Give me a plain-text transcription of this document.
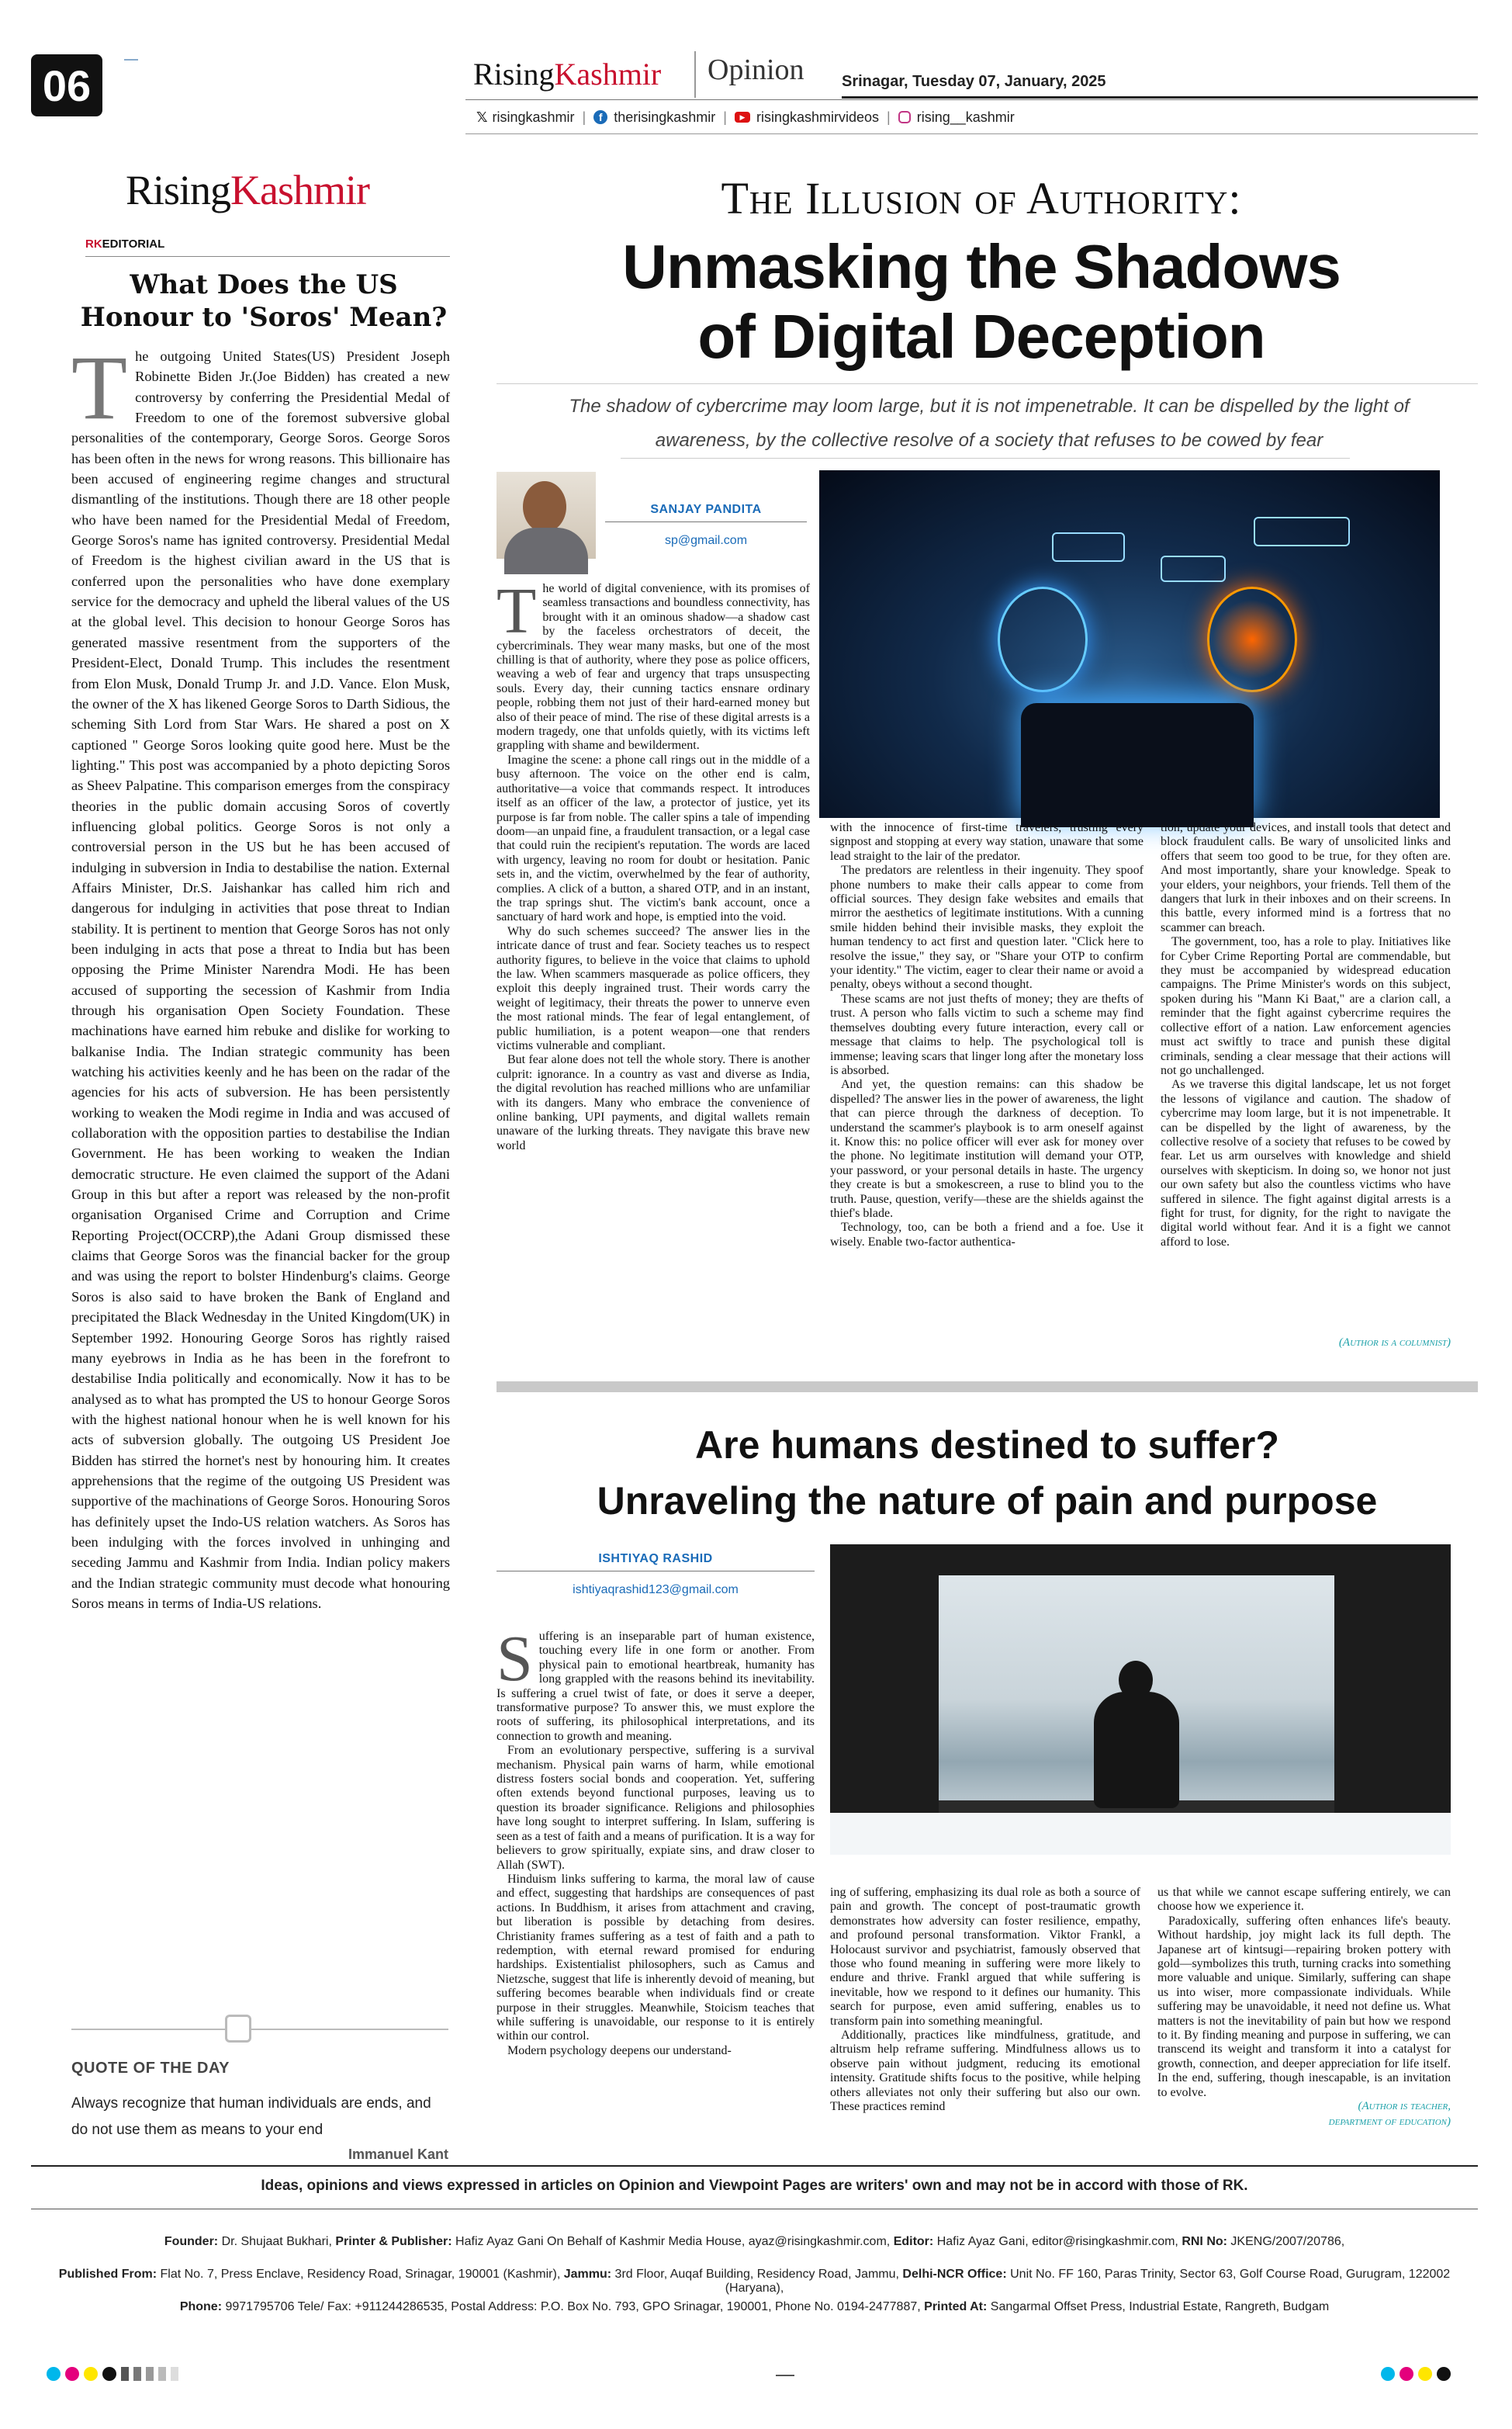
06	RisingKashmir Opinion Srinagar, Tuesday 07, January, 2025
𝕏 risingkashmir |	f therisingkashmir |	▶ risingkashmirvideos | rising__kashmir
RisingKashmir
RKEDITORIAL
What Does the US Honour to 'Soros' Mean?
The outgoing United States(US) President Joseph Robinette Biden Jr.(Joe Bidden) has created a new controversy by conferring the Presidential Medal of Freedom to one of the foremost subversive global personalities of the contemporary, George Soros. George Soros has been often in the news for wrong reasons. This billionaire has been accused of engineering regime changes and structural dismantling of the institutions. Though there are 18 other people who have been named for the Presidential Medal of Freedom, George Soros's name has ignited controversy. Presidential Medal of Freedom is the highest civilian award in the US that is conferred upon the personalities who have done exemplary service for the democracy and upheld the liberal values of the US at the global level. This decision to honour George Soros has generated massive resentment from the supporters of the President-Elect, Donald Trump. This includes the resentment from Elon Musk, Donald Trump Jr. and J.D. Vance. Elon Musk, the owner of the X has likened George Soros to Darth Sidious, the scheming Sith Lord from Star Wars. He shared a post on X captioned " George Soros looking quite good here. Must be the lighting." This post was accompanied by a photo depicting Soros as Sheev Palpatine. This comparison emerges from the conspiracy theories in the public domain accusing Soros of covertly influencing global politics. George Soros is not only a controversial person in the US but he has been accused of indulging in subversion in India to destabilise the nation. External Affairs Minister, Dr.S. Jaishankar has called him rich and dangerous for indulging in activities that pose threat to Indian stability. It is pertinent to mention that George Soros has not only been indulging in acts that pose a threat to India but has been opposing the Prime Minister Narendra Modi. He has been accused of supporting the secession of Kashmir from India through his organisation Open Society Foundation. These machinations have earned him rebuke and dislike for working to balkanise India. The Indian strategic community has been watching his activities keenly and he has been on the radar of the agencies for his acts of subversion. He has been persistently working to weaken the Modi regime in India and was accused of collaboration with the opposition parties to destabilise the Indian Government. He has been working to weaken the Indian democratic structure. He even claimed the support of the Adani Group in this but after a report was released by the non-profit organisation Organised Crime and Corruption and Crime Reporting Project(OCCRP),the Adani Group dismissed these claims that George Soros was the financial backer for the group and was using the report to bolster Hindenburg's claims. George Soros is also said to have broken the Bank of England and precipitated the Black Wednesday in the United Kingdom(UK) in September 1992. Honouring George Soros has rightly raised many eyebrows in India as he has been in the forefront to destabilise India politically and economically. Now it has to be analysed as to what has prompted the US to honour George Soros with the highest national honour when he is well known for his acts of subversion globally. The outgoing US President Joe Bidden has stirred the hornet's nest by honouring him. It creates apprehensions that the regime of the outgoing US President was supportive of the machinations of George Soros. Honouring Soros has definitely upset the Indo-US relation watchers. As Soros has been indulging with the forces involved in unhinging and seceding Jammu and Kashmir from India. Indian policy makers and the Indian strategic community must decode what honouring Soros means in terms of India-US relations.
QUOTE OF THE DAY
Always recognize that human individuals are ends, and do not use them as means to your end
Immanuel Kant
The Illusion of Authority:
Unmasking the Shadows
of Digital Deception
The shadow of cybercrime may loom large, but it is not impenetrable. It can be dispelled by the light of awareness, by the collective resolve of a society that refuses to be cowed by fear
SANJAY PANDITA
sp@gmail.com
T he world of digital convenience, with its promises of seamless transactions and boundless connectivity, has brought with it an ominous shadow—a shadow cast by the faceless orchestrators of deceit, the cybercriminals. They wear many masks, but one of the most chilling is that of authority, where they pose as police officers, weaving a web of fear and urgency that traps unsuspecting souls. Every day, their cunning tactics ensnare ordinary people, robbing them not just of their hard-earned money but also of their peace of mind. The rise of these digital arrests is a modern tragedy, one that unfolds quietly, with its victims left grappling with shame and bewilderment.

Imagine the scene: a phone call rings out in the middle of a busy afternoon. The voice on the other end is calm, authoritative—a voice that commands respect. It introduces itself as an officer of the law, a protector of justice, yet its purpose is far from noble. The caller spins a tale of impending doom—an unpaid fine, a fraudulent transaction, or a legal case that could ruin the recipient's reputation. The words are laced with urgency, leaving no room for doubt or hesitation. Panic sets in, and the victim, overwhelmed by the fear of authority, complies. A click of a button, a shared OTP, and in an instant, the trap springs shut. The victim's bank account, once a sanctuary of hard work and hope, is emptied into the void.

Why do such schemes succeed? The answer lies in the intricate dance of trust and fear. Society teaches us to respect authority figures, to believe in the voice that claims to uphold the law. When scammers masquerade as police officers, they exploit this deeply ingrained trust. Their words carry the weight of legitimacy, their threats the power to unnerve even the most rational minds. The fear of legal entanglement, of public humiliation, is a potent weapon—one that renders victims vulnerable and compliant.

But fear alone does not tell the whole story. There is another culprit: ignorance. In a country as vast and diverse as India, the digital revolution has reached millions who are unfamiliar with its dangers. Many who embrace the convenience of online banking, UPI payments, and digital wallets remain unaware of the lurking threats. They navigate this brave new world

with the innocence of first-time travelers, trusting every signpost and stopping at every way station, unaware that some lead straight to the lair of the predator.

The predators are relentless in their ingenuity. They spoof phone numbers to make their calls appear to come from official sources. They design fake websites and emails that mirror the aesthetics of legitimate institutions. With a cunning smile hidden behind their invisible masks, they exploit the human tendency to act first and question later. "Click here to resolve the issue," they say, or "Share your OTP to confirm your identity." The victim, eager to clear their name or avoid a penalty, obeys without a second thought.

These scams are not just thefts of money; they are thefts of trust. A person who falls victim to such a scheme may find themselves doubting every future interaction, every call or message that claims to help. The psychological toll is immense; leaving scars that linger long after the monetary loss is absorbed.

And yet, the question remains: can this shadow be dispelled? The answer lies in the power of awareness, the light that can pierce through the darkness of deception. To understand the scammer's playbook is to arm oneself against it. Know this: no police officer will ever ask for money over the phone. No legitimate institution will demand your OTP, your password, or your personal details in haste. The urgency they create is but a smokescreen, a ruse to blind you to the truth. Pause, question, verify—these are the shields against the thief's blade.

Technology, too, can be both a friend and a foe. Use it wisely. Enable two-factor authentica-

tion, update your devices, and install tools that detect and block fraudulent calls. Be wary of unsolicited links and offers that seem too good to be true, for they often are. And most importantly, share your knowledge. Speak to your elders, your neighbors, your friends. Tell them of the dangers that lurk in their inboxes and on their screens. In this battle, every informed mind is a fortress that no scammer can breach.

The government, too, has a role to play. Initiatives like for Cyber Crime Reporting Portal are commendable, but they must be accompanied by widespread education campaigns. The Prime Minister's words on this subject, spoken during his "Mann Ki Baat," are a clarion call, a reminder that the fight against cybercrime requires the collective effort of a nation. Law enforcement agencies must act swiftly to trace and punish these digital criminals, sending a clear message that their actions will not go unchallenged.

As we traverse this digital landscape, let us not forget the lessons of vigilance and caution. The shadow of cybercrime may loom large, but it is not impenetrable. It can be dispelled by the light of awareness, by the collective resolve of a society that refuses to be cowed by fear. Let us arm ourselves with knowledge and shield ourselves with skepticism. In doing so, we honor not just our own safety but also the countless victims who have suffered in silence. The fight against digital arrests is a fight for trust, for dignity, for the right to navigate the digital world without fear. And it is a fight we cannot afford to lose.

(Author is a columnist)
Are humans destined to suffer?
Unraveling the nature of pain and purpose
ISHTIYAQ RASHID
ishtiyaqrashid123@gmail.com
S uffering is an inseparable part of human existence, touching every life in one form or another. From physical pain to emotional heartbreak, humanity has long grappled with the reasons behind its inevitability. Is suffering a cruel twist of fate, or does it serve a deeper, transformative purpose? To answer this, we must explore the roots of suffering, its philosophical interpretations, and its connection to growth and meaning.

From an evolutionary perspective, suffering is a survival mechanism. Physical pain warns of harm, while emotional distress fosters social bonds and cooperation. Yet, suffering often extends beyond functional purposes, leaving us to question its broader significance. Religions and philosophies have long sought to interpret suffering. In Islam, suffering is seen as a test of faith and a means of purification. It is a way for believers to grow spiritually, expiate sins, and draw closer to Allah (SWT).

Hinduism links suffering to karma, the moral law of cause and effect, suggesting that hardships are consequences of past actions. In Buddhism, it arises from attachment and craving, but liberation is possible by detaching from desires. Christianity frames suffering as a test of faith and a path to redemption, with eternal reward promised for enduring hardships. Existentialist philosophers, such as Camus and Nietzsche, suggest that life is inherently devoid of meaning, but suffering becomes bearable when individuals find or create purpose in their struggles. Meanwhile, Stoicism teaches that while suffering is unavoidable, our response to it is entirely within our control.

Modern psychology deepens our understand-

ing of suffering, emphasizing its dual role as both a source of pain and growth. The concept of post-traumatic growth demonstrates how adversity can foster resilience, empathy, and profound personal transformation. Viktor Frankl, a Holocaust survivor and psychiatrist, famously observed that those who found meaning in suffering were more likely to endure and thrive. Frankl argued that while suffering is inevitable, how we respond to it defines our humanity. This search for purpose, even amid suffering, enables us to transform pain into something meaningful.

Additionally, practices like mindfulness, gratitude, and altruism help reframe suffering. Mindfulness allows us to observe pain without judgment, reducing its emotional intensity. Gratitude shifts focus to the positive, while helping others alleviates not only their suffering but also our own. These practices remind

us that while we cannot escape suffering entirely, we can choose how we experience it.

Paradoxically, suffering often enhances life's beauty. Without hardship, joy might lack its full depth. The Japanese art of kintsugi—repairing broken pottery with gold—symbolizes this truth, turning cracks into something more valuable and unique. Similarly, suffering can shape us into wiser, more compassionate individuals. While suffering may be unavoidable, it need not define us. What matters is not the inevitability of pain but how we respond to it. By finding meaning and purpose in suffering, we can transcend its weight and transform it into a catalyst for growth, connection, and deeper appreciation for life itself. In the end, suffering, though inescapable, is an invitation to evolve.

(Author is teacher,
department of education)
Ideas, opinions and views expressed in articles on Opinion and Viewpoint Pages are writers' own and may not be in accord with those of RK.
Founder: Dr. Shujaat Bukhari, Printer & Publisher: Hafiz Ayaz Gani On Behalf of Kashmir Media House, ayaz@risingkashmir.com, Editor: Hafiz Ayaz Gani, editor@risingkashmir.com, RNI No: JKENG/2007/20786,
Published From: Flat No. 7, Press Enclave, Residency Road, Srinagar, 190001 (Kashmir), Jammu: 3rd Floor, Auqaf Building, Residency Road, Jammu, Delhi-NCR Office: Unit No. FF 160, Paras Trinity, Sector 63, Golf Course Road, Gurugram, 122002 (Haryana),
Phone: 9971795706 Tele/ Fax: +911244286535, Postal Address: P.O. Box No. 793, GPO Srinagar, 190001, Phone No. 0194-2477887, Printed At: Sangarmal Offset Press, Industrial Estate, Rangreth, Budgam
